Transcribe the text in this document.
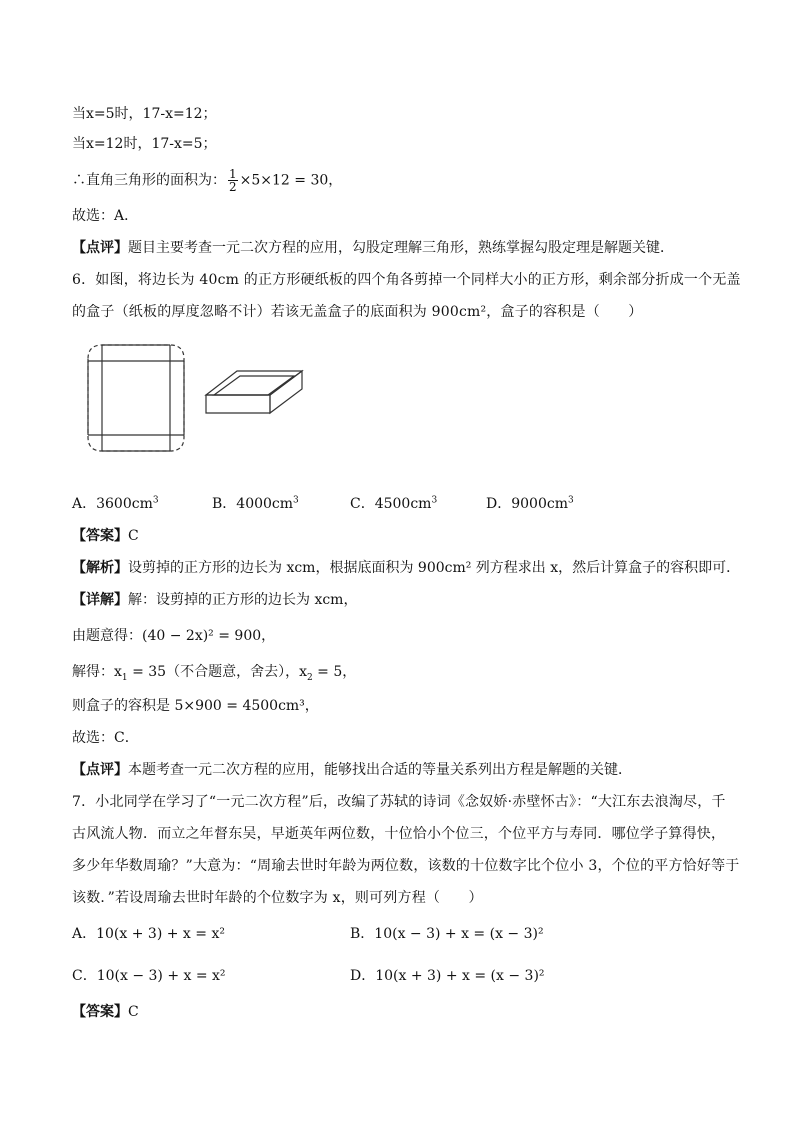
当x=5时，17-x=12；
当x=12时，17-x=5；
∴直角三角形的面积为： $\frac{1}{2} \times 5\times 12 = 30$，
故选：A．
【点评】题目主要考查一元二次方程的应用，勾股定理解三角形，熟练掌握勾股定理是解题关键．
6．如图，将边长为 40cm 的正方形硬纸板的四个角各剪掉一个同样大小的正方形，剩余部分折成一个无盖
的盒子（纸板的厚度忽略不计）若该无盖盒子的底面积为 900cm²，盒子的容积是（　　）
A．$3600cm^3$	B．$4000cm^3$	C．$4500cm^3$	D．$9000cm^3$
【答案】C
【解析】设剪掉的正方形的边长为 xcm，根据底面积为 900cm² 列方程求出 x，然后计算盒子的容积即可．
【详解】解：设剪掉的正方形的边长为 xcm，
由题意得：(40 − 2x)² = 900，
解得：$x_1 = 35$（不合题意，舍去），$x_2 = 5$，
则盒子的容积是 5×900 = 4500cm³，
故选：C．
【点评】本题考查一元二次方程的应用，能够找出合适的等量关系列出方程是解题的关键．
7．小北同学在学习了“一元二次方程”后，改编了苏轼的诗词《念奴娇·赤壁怀古》：“大江东去浪淘尽，千
古风流人物．而立之年督东吴，早逝英年两位数，十位恰小个位三，个位平方与寿同．哪位学子算得快，
多少年华数周瑜？”大意为：“周瑜去世时年龄为两位数，该数的十位数字比个位小 3，个位的平方恰好等于
该数．”若设周瑜去世时年龄的个位数字为 x，则可列方程（　　）
A．10(x + 3) + x = x²	B．10(x − 3) + x = (x − 3)²
C．10(x − 3) + x = x²	D．10(x + 3) + x = (x − 3)²
【答案】C
